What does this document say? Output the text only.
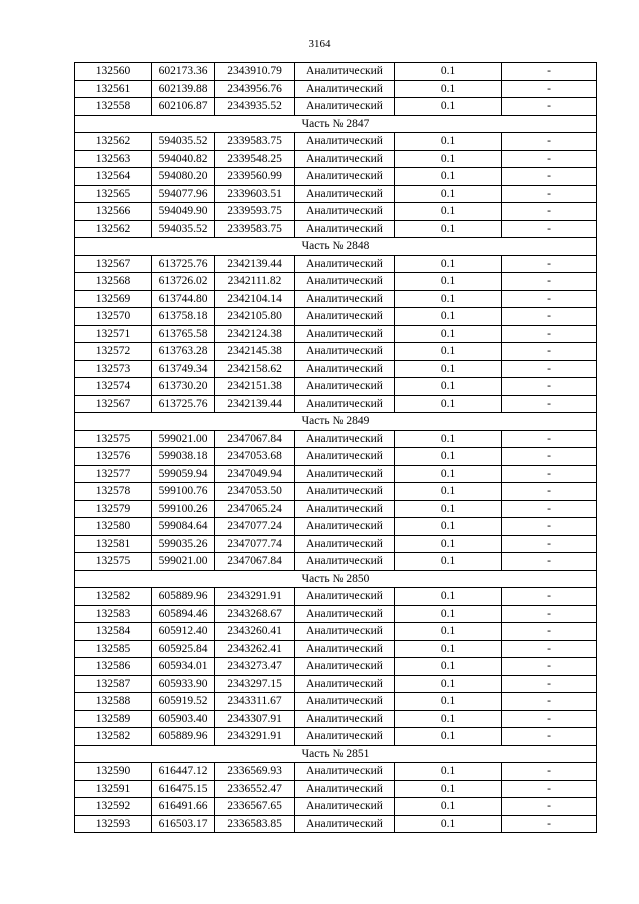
3164
132560	602173.36	2343910.79	Аналитический	0.1	-
132561	602139.88	2343956.76	Аналитический	0.1	-
132558	602106.87	2343935.52	Аналитический	0.1	-
Часть № 2847					
132562	594035.52	2339583.75	Аналитический	0.1	-
132563	594040.82	2339548.25	Аналитический	0.1	-
132564	594080.20	2339560.99	Аналитический	0.1	-
132565	594077.96	2339603.51	Аналитический	0.1	-
132566	594049.90	2339593.75	Аналитический	0.1	-
132562	594035.52	2339583.75	Аналитический	0.1	-
Часть № 2848					
132567	613725.76	2342139.44	Аналитический	0.1	-
132568	613726.02	2342111.82	Аналитический	0.1	-
132569	613744.80	2342104.14	Аналитический	0.1	-
132570	613758.18	2342105.80	Аналитический	0.1	-
132571	613765.58	2342124.38	Аналитический	0.1	-
132572	613763.28	2342145.38	Аналитический	0.1	-
132573	613749.34	2342158.62	Аналитический	0.1	-
132574	613730.20	2342151.38	Аналитический	0.1	-
132567	613725.76	2342139.44	Аналитический	0.1	-
Часть № 2849					
132575	599021.00	2347067.84	Аналитический	0.1	-
132576	599038.18	2347053.68	Аналитический	0.1	-
132577	599059.94	2347049.94	Аналитический	0.1	-
132578	599100.76	2347053.50	Аналитический	0.1	-
132579	599100.26	2347065.24	Аналитический	0.1	-
132580	599084.64	2347077.24	Аналитический	0.1	-
132581	599035.26	2347077.74	Аналитический	0.1	-
132575	599021.00	2347067.84	Аналитический	0.1	-
Часть № 2850					
132582	605889.96	2343291.91	Аналитический	0.1	-
132583	605894.46	2343268.67	Аналитический	0.1	-
132584	605912.40	2343260.41	Аналитический	0.1	-
132585	605925.84	2343262.41	Аналитический	0.1	-
132586	605934.01	2343273.47	Аналитический	0.1	-
132587	605933.90	2343297.15	Аналитический	0.1	-
132588	605919.52	2343311.67	Аналитический	0.1	-
132589	605903.40	2343307.91	Аналитический	0.1	-
132582	605889.96	2343291.91	Аналитический	0.1	-
Часть № 2851					
132590	616447.12	2336569.93	Аналитический	0.1	-
132591	616475.15	2336552.47	Аналитический	0.1	-
132592	616491.66	2336567.65	Аналитический	0.1	-
132593	616503.17	2336583.85	Аналитический	0.1	-
